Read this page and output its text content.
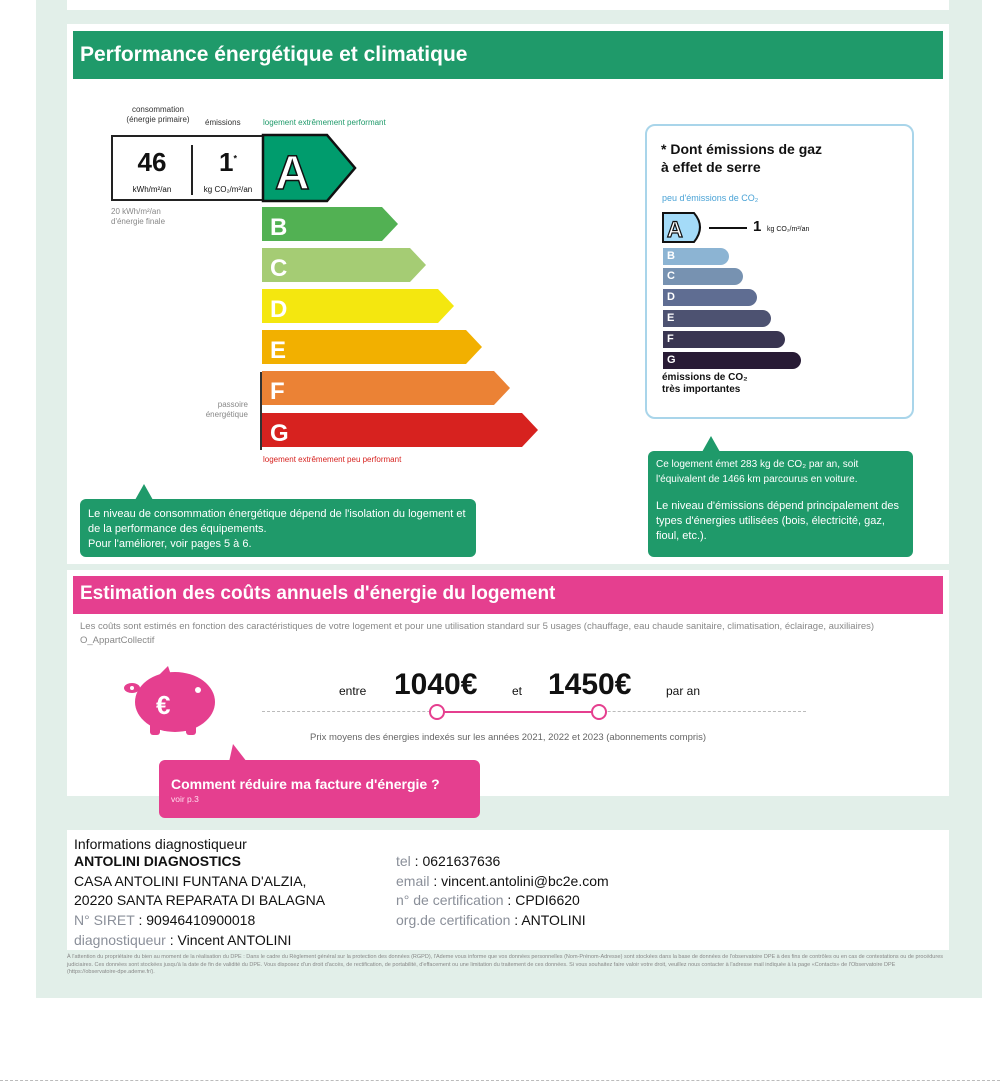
Performance énergétique et climatique
consommation
(énergie primaire)	émissions	logement extrêmement performant
46
kWh/m²/an
1*
kg CO₂/m²/an A
B
C
D
E
F
G
20 kWh/m²/an
d'énergie finale
passoire
énergétique
logement extrêmement peu performant
Le niveau de consommation énergétique dépend de l'isolation du logement et de la performance des équipements.
Pour l'améliorer, voir pages 5 à 6.
* Dont émissions de gaz
à effet de serre
peu d'émissions de CO₂
A	1 kg CO₂/m²/an
B
C
D
E
F
G
émissions de CO₂
très importantes
Ce logement émet 283 kg de CO₂ par an, soit l'équivalent de 1466 km parcourus en voiture.
Le niveau d'émissions dépend principalement des types d'énergies utilisées (bois, électricité, gaz, fioul, etc.).
Estimation des coûts annuels d'énergie du logement
Les coûts sont estimés en fonction des caractéristiques de votre logement et pour une utilisation standard sur 5 usages (chauffage, eau chaude sanitaire, climatisation, éclairage, auxiliaires) O_AppartCollectif
€	entre 1040€	et 1450€	par an
Prix moyens des énergies indexés sur les années 2021, 2022 et 2023 (abonnements compris)
Comment réduire ma facture d'énergie ?
voir p.3
Informations diagnostiqueur
ANTOLINI DIAGNOSTICS
CASA ANTOLINI FUNTANA D'ALZIA,
20220 SANTA REPARATA DI BALAGNA
N° SIRET : 90946410900018
diagnostiqueur : Vincent ANTOLINI
tel : 0621637636
email : vincent.antolini@bc2e.com
n° de certification : CPDI6620
org.de certification : ANTOLINI
À l'attention du propriétaire du bien au moment de la réalisation du DPE : Dans le cadre du Règlement général sur la protection des données (RGPD), l'Ademe vous informe que vos données personnelles (Nom-Prénom-Adresse) sont stockées dans la base de données de l'observatoire DPE à des fins de contrôles ou en cas de contestations ou de procédures judiciaires. Ces données sont stockées jusqu'à la date de fin de validité du DPE. Vous disposez d'un droit d'accès, de rectification, de portabilité, d'effacement ou une limitation du traitement de ces données. Si vous souhaitez faire valoir votre droit, veuillez nous contacter à l'adresse mail indiquée à la page «Contacts» de l'Observatoire DPE (https://observatoire-dpe.ademe.fr/).
